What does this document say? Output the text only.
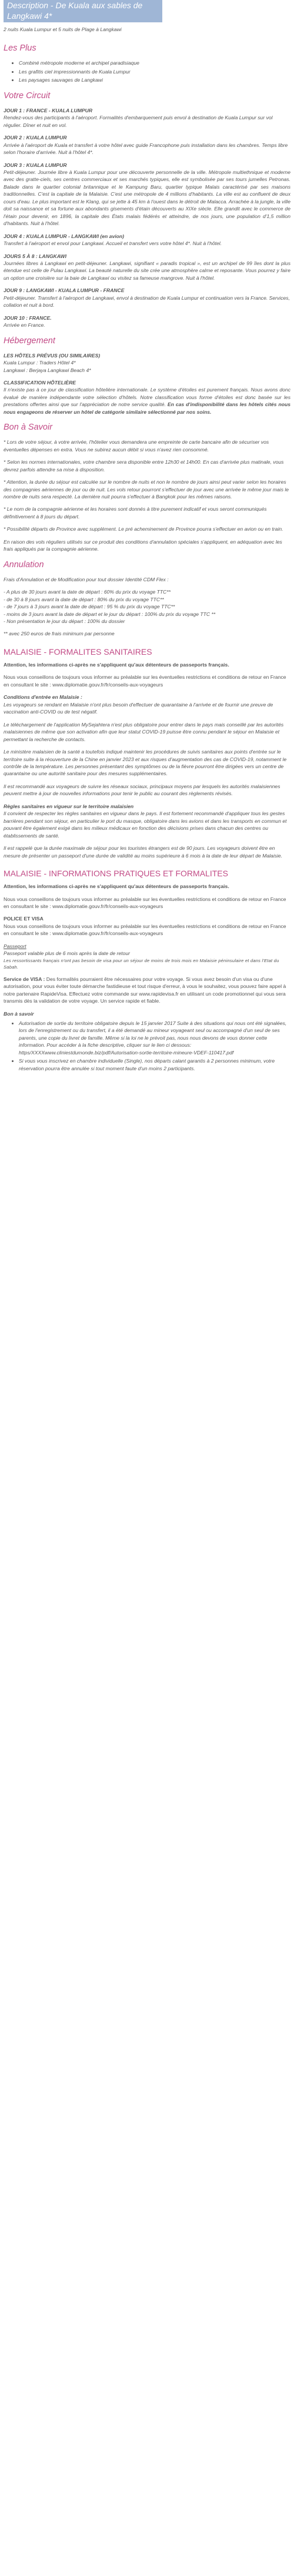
Description - De Kuala aux sables de Langkawi 4*

2 nuits Kuala Lumpur et 5 nuits de Plage à Langkawi

Les Plus
• Combiné métropole moderne et archipel paradisiaque
• Les grafitis ciel impressionnants de Kuala Lumpur
• Les paysages sauvages de Langkawi
Votre Circuit

JOUR 1 : FRANCE - KUALA LUMPUR
Rendez-vous des participants à l'aéroport. Formalités d'embarquement puis envol à destination de Kuala Lumpur sur vol régulier. Dîner et nuit en vol.

JOUR 2 : KUALA LUMPUR
Arrivée à l'aéroport de Kuala et transfert à votre hôtel avec guide Francophone puis installation dans les chambres. Temps libre selon l'horaire d'arrivée. Nuit à l'hôtel 4*.

JOUR 3 : KUALA LUMPUR
Petit-déjeuner. Journée libre à Kuala Lumpur pour une découverte personnelle de la ville. Métropole multiethnique et moderne avec des gratte-ciels, ses centres commerciaux et ses marchés typiques, elle est symbolisée par ses tours jumelles Petronas. Balade dans le quartier colonial britannique et le Kampung Baru, quartier typique Malais caractérisé par ses maisons traditionnelles. C'est la capitale de la Malaisie. C'est une métropole de 4 millions d'habitants. La ville est au confluent de deux cours d'eau. Le plus important est le Klang, qui se jette à 45 km à l'ouest dans le détroit de Malacca. Arrachée à la jungle, la ville doit sa naissance et sa fortune aux abondants gisements d'étain découverts au XIXe siècle. Elle grandit avec le commerce de l'étain pour devenir, en 1896, la capitale des États malais fédérés et atteindre, de nos jours, une population d'1,5 million d'habitants. Nuit à l'hôtel.

JOUR 4 : KUALA LUMPUR - LANGKAWI (en avion)
Transfert à l'aéroport et envol pour Langkawi. Accueil et transfert vers votre hôtel 4*. Nuit à l'hôtel.

JOURS 5 À 8 : LANGKAWI
Journées libres à Langkawi en petit-déjeuner. Langkawi, signifiant « paradis tropical », est un archipel de 99 îles dont la plus étendue est celle de Pulau Langkawi. La beauté naturelle du site crée une atmosphère calme et reposante. Vous pourrez y faire un option une croisière sur la baie de Langkawi ou visitez sa fameuse mangrove. Nuit à l'hôtel.

JOUR 9 : LANGKAWI - KUALA LUMPUR - FRANCE
Petit-déjeuner. Transfert à l'aéroport de Langkawi, envol à destination de Kuala Lumpur et continuation vers la France. Services, collation et nuit à bord.

JOUR 10 : FRANCE.
Arrivée en France.

Hébergement

LES HÔTELS PRÉVUS (OU SIMILAIRES)
Kuala Lumpur : Traders Hôtel 4*
Langkawi : Berjaya Langkawi Beach 4*

CLASSIFICATION HÔTELIÈRE
Il n'existe pas à ce jour de classification hôtelière internationale. Le système d'étoiles est purement français. Nous avons donc évalué de manière indépendante votre sélection d'hôtels. Notre classification vous forme d'étoiles est donc basée sur les prestations offertes ainsi que sur l'appréciation de notre service qualité. En cas d'indisponibilité dans les hôtels cités nous nous engageons de réserver un hôtel de catégorie similaire sélectionné par nos soins.

Bon à Savoir

* Lors de votre séjour, à votre arrivée, l'hôtelier vous demandera une empreinte de carte bancaire afin de sécuriser vos éventuelles dépenses en extra. Vous ne subirez aucun débit si vous n'avez rien consommé.

* Selon les normes internationales, votre chambre sera disponible entre 12h30 et 14h00. En cas d'arrivée plus matinale, vous devrez parfois attendre sa mise à disposition.

* Attention, la durée du séjour est calculée sur le nombre de nuits et non le nombre de jours ainsi peut varier selon les horaires des compagnies aériennes de jour ou de nuit. Les vols retour pourront s'effectuer de jour avec une arrivée le même jour mais le nombre de nuits sera respecté. La dernière nuit pourra s'effectuer à Bangkok pour les mêmes raisons.

* Le nom de la compagnie aérienne et les horaires sont donnés à titre purement indicatif et vous seront communiqués définitivement à 8 jours du départ.

* Possibilité départs de Province avec supplément. Le pré acheminement de Province pourra s'effectuer en avion ou en train.

En raison des vols réguliers utilisés sur ce produit des conditions d'annulation spéciales s'appliquent, en adéquation avec les frais appliqués par la compagnie aérienne.

Annulation

Frais d'Annulation et de Modification pour tout dossier Identité CDM Flex :

- A plus de 30 jours avant la date de départ : 60% du prix du voyage TTC**
- de 30 à 8 jours avant la date de départ : 80% du prix du voyage TTC**
- de 7 jours à 3 jours avant la date de départ : 95 % du prix du voyage TTC**
- moins de 3 jours avant la date de départ et le jour du départ : 100% du prix du voyage TTC **
- Non présentation le jour du départ : 100% du dossier

** avec 250 euros de frais minimum par personne

MALAISIE - FORMALITES SANITAIRES

Attention, les informations ci-après ne s'appliquent qu'aux détenteurs de passeports français.

Nous vous conseillons de toujours vous informer au préalable sur les éventuelles restrictions et conditions de retour en France en consultant le site : www.diplomatie.gouv.fr/fr/conseils-aux-voyageurs

Conditions d'entrée en Malaisie :
Les voyageurs se rendant en Malaisie n'ont plus besoin d'effectuer de quarantaine à l'arrivée et de fournir une preuve de vaccination anti-COVID ou de test négatif.

Le téléchargement de l'application MySejahtera n'est plus obligatoire pour entrer dans le pays mais conseillé par les autorités malaisiennes de même que son activation afin que leur statut COVID-19 puisse être connu pendant le séjour en Malaisie et permettant la recherche de contacts.

Le ministère malaisien de la santé a toutefois indiqué maintenir les procédures de suivis sanitaires aux points d'entrée sur le territoire suite à la réouverture de la Chine en janvier 2023 et aux risques d'augmentation des cas de COVID-19, notamment le contrôle de la température. Les personnes présentant des symptômes ou de la fièvre pourront être dirigées vers un centre de quarantaine ou une autorité sanitaire pour des mesures supplémentaires.

Il est recommandé aux voyageurs de suivre les réseaux sociaux, principaux moyens par lesquels les autorités malaisiennes peuvent mettre à jour de nouvelles informations pour tenir le public au courant des règlements révisés.

Règles sanitaires en vigueur sur le territoire malaisien
Il convient de respecter les règles sanitaires en vigueur dans le pays. Il est fortement recommandé d'appliquer tous les gestes barrières pendant son séjour, en particulier le port du masque, obligatoire dans les avions et dans les transports en commun et pouvant être également exigé dans les milieux médicaux en fonction des décisions prises dans chacun des centres ou établissements de santé.

Il est rappelé que la durée maximale de séjour pour les touristes étrangers est de 90 jours. Les voyageurs doivent être en mesure de présenter un passeport d'une durée de validité au moins supérieure à 6 mois à la date de leur départ de Malaisie.

MALAISIE - INFORMATIONS PRATIQUES ET FORMALITES

Attention, les informations ci-après ne s'appliquent qu'aux détenteurs de passeports français.

Nous vous conseillons de toujours vous informer au préalable sur les éventuelles restrictions et conditions de retour en France en consultant le site : www.diplomatie.gouv.fr/fr/conseils-aux-voyageurs

POLICE ET VISA
Nous vous conseillons de toujours vous informer au préalable sur les éventuelles restrictions et conditions de retour en France en consultant le site : www.diplomatie.gouv.fr/fr/conseils-aux-voyageurs

Passeport
Passeport valable plus de 6 mois après la date de retour
Les ressortissants français n'ont pas besoin de visa pour un séjour de moins de trois mois en Malaisie péninsulaire et dans l'Etat du Sabah.

Service de VISA : Des formalités pourraient être nécessaires pour votre voyage. Si vous avez besoin d'un visa ou d'une autorisation, pour vous éviter toute démarche fastidieuse et tout risque d'erreur, à vous le souhaitez, vous pouvez faire appel à notre partenaire RapideVisa. Effectuez votre commande sur www.rapidevisa.fr en utilisant un code promotionnel qui vous sera transmis dès la validation de votre voyage. Un service rapide et fiable.

Bon à savoir

• Autorisation de sortie du territoire obligatoire depuis le 15 janvier 2017 Suite à des situations qui nous ont été signalées, lors de l'enregistrement ou du transfert, il a été demandé au mineur voyageant seul ou accompagné d'un seul de ses parents, une copie du livret de famille. Même si la loi ne le prévoit pas, nous nous devons de vous donner cette information. Pour accéder à la fiche descriptive, cliquer sur le lien ci dessous: https/XXXXwww.cliniestdumonde.biz/pdf/Autorisation-sortie-territoire-mineure-VDEF-110417.pdf
• Si vous vous inscrivez en chambre individuelle (Single), nos départs calant garantis à 2 personnes minimum, votre réservation pourra être annulée si tout moment faute d'un moins 2 participants.
